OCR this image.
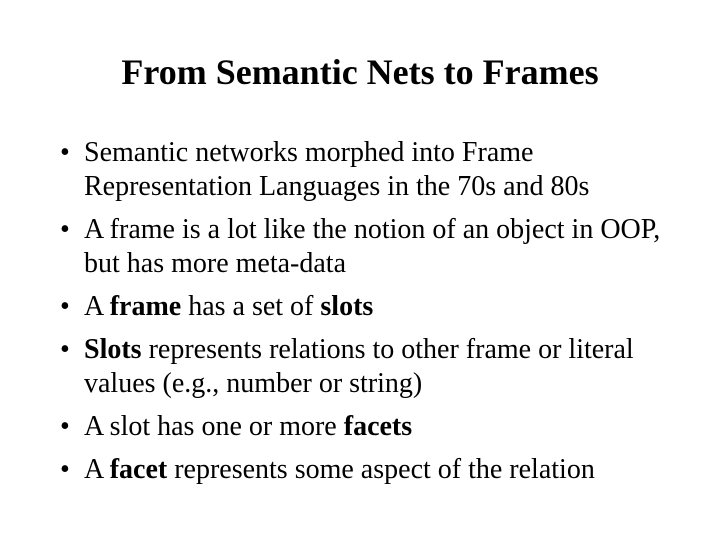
From Semantic Nets to Frames
• Semantic networks morphed into Frame Representation Languages in the 70s and 80s
• A frame is a lot like the notion of an object in OOP, but has more meta-data
• A frame has a set of slots
• Slots represents relations to other frame or literal values (e.g., number or string)
• A slot has one or more facets
• A facet represents some aspect of the relation
